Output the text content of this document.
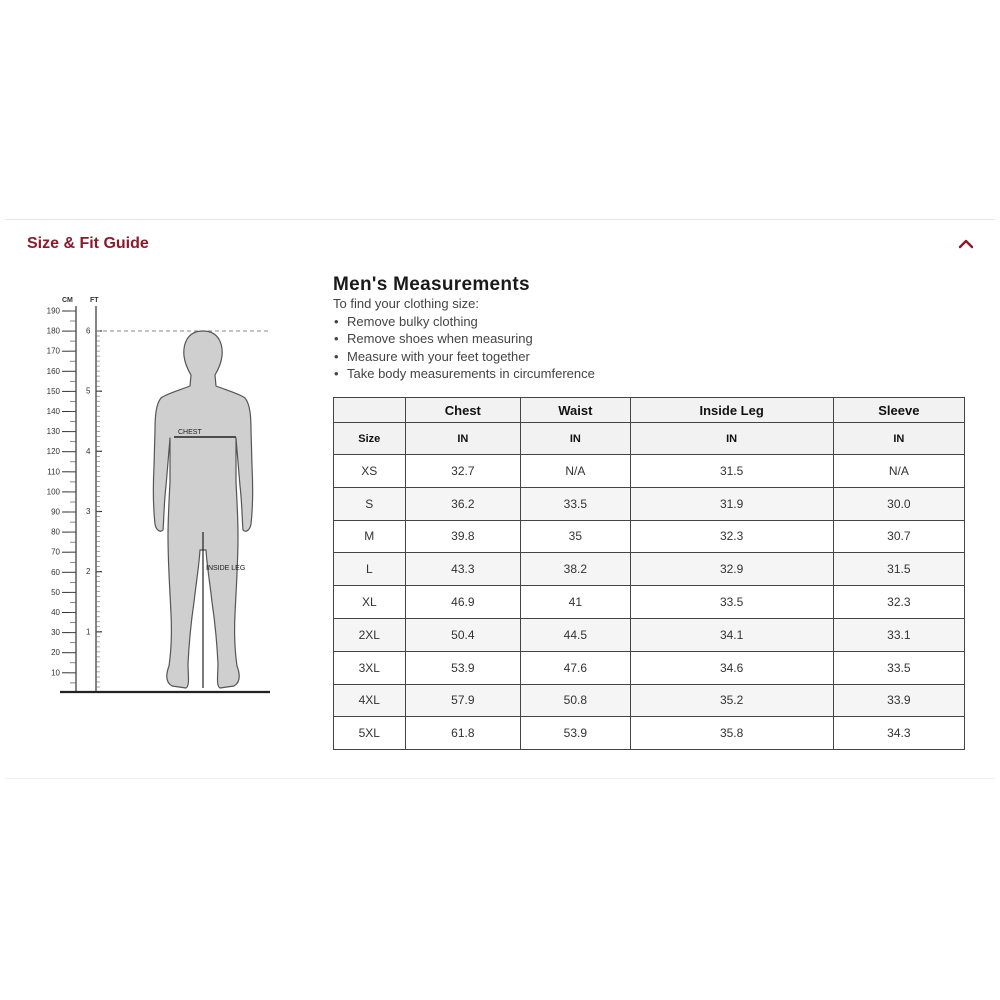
Size & Fit Guide
CM FT
190
180
170
160
150
140
130
120
110
100
90
80
70
60
50
40
30
20
10
6
5
4
3
2
1
CHEST
INSIDE LEG
Men's Measurements
To find your clothing size:
• Remove bulky clothing
• Remove shoes when measuring
• Measure with your feet together
• Take body measurements in circumference
	Chest	Waist	Inside Leg	Sleeve
Size	IN	IN	IN	IN
XS	32.7	N/A	31.5	N/A
S	36.2	33.5	31.9	30.0
M	39.8	35	32.3	30.7
L	43.3	38.2	32.9	31.5
XL	46.9	41	33.5	32.3
2XL	50.4	44.5	34.1	33.1
3XL	53.9	47.6	34.6	33.5
4XL	57.9	50.8	35.2	33.9
5XL	61.8	53.9	35.8	34.3
